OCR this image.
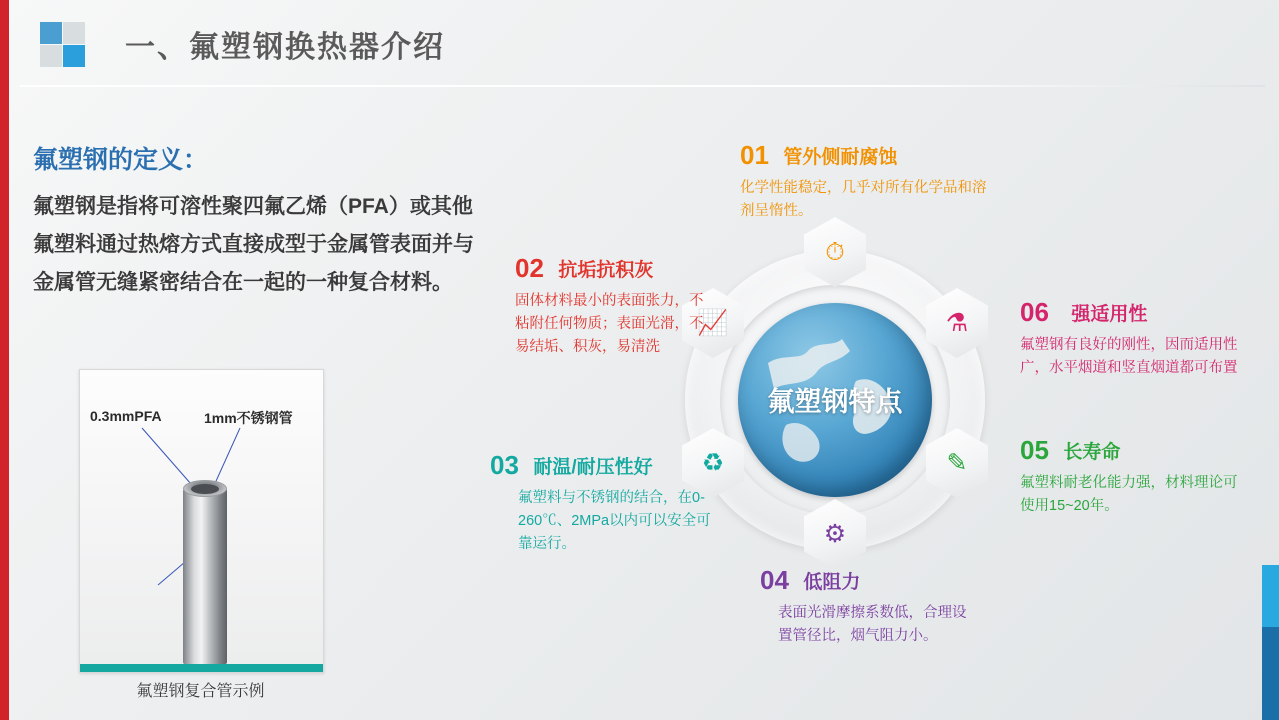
一、氟塑钢换热器介绍
氟塑钢的定义：
氟塑钢是指将可溶性聚四氟乙烯（PFA）或其他氟塑料通过热熔方式直接成型于金属管表面并与金属管无缝紧密结合在一起的一种复合材料。
0.3mmPFA	1mm不锈钢管
氟塑钢复合管示例
氟塑钢特点
⏱
📈
♻
⚙
✎
⚗
01 管外侧耐腐蚀
化学性能稳定，几乎对所有化学品和溶剂呈惰性。
02 抗垢抗积灰
固体材料最小的表面张力，不粘附任何物质；表面光滑，不易结垢、积灰，易清洗
03 耐温/耐压性好
氟塑料与不锈钢的结合，在0-260℃、2MPa以内可以安全可靠运行。
04 低阻力
表面光滑摩擦系数低，合理设置管径比，烟气阻力小。
05 长寿命
氟塑料耐老化能力强，材料理论可使用15~20年。
06 强适用性
氟塑钢有良好的刚性，因而适用性广，水平烟道和竖直烟道都可布置
